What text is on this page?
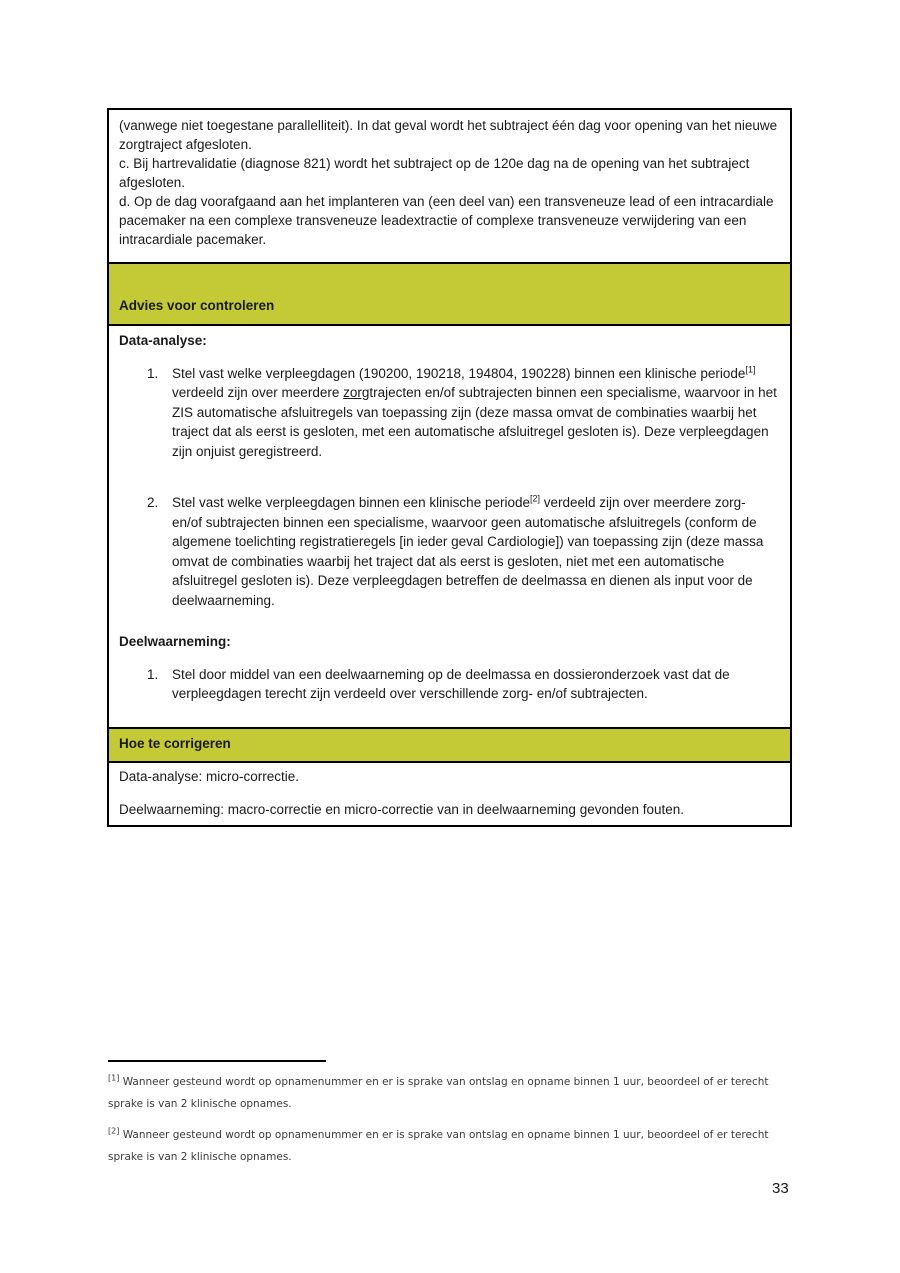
(vanwege niet toegestane parallelliteit). In dat geval wordt het subtraject één dag voor opening van het nieuwe zorgtraject afgesloten.

c. Bij hartrevalidatie (diagnose 821) wordt het subtraject op de 120e dag na de opening van het subtraject afgesloten.

d. Op de dag voorafgaand aan het implanteren van (een deel van) een transveneuze lead of een intracardiale pacemaker na een complexe transveneuze leadextractie of complexe transveneuze verwijdering van een intracardiale pacemaker.

Advies voor controleren

Data-analyse:

1.	Stel vast welke verpleegdagen (190200, 190218, 194804, 190228) binnen een klinische periode[1] verdeeld zijn over meerdere zorgtrajecten en/of subtrajecten binnen een specialisme, waarvoor in het ZIS automatische afsluitregels van toepassing zijn (deze massa omvat de combinaties waarbij het traject dat als eerst is gesloten, met een automatische afsluitregel gesloten is). Deze verpleegdagen zijn onjuist geregistreerd.
2.	Stel vast welke verpleegdagen binnen een klinische periode[2] verdeeld zijn over meerdere zorg- en/of subtrajecten binnen een specialisme, waarvoor geen automatische afsluitregels (conform de algemene toelichting registratieregels [in ieder geval Cardiologie]) van toepassing zijn (deze massa omvat de combinaties waarbij het traject dat als eerst is gesloten, niet met een automatische afsluitregel gesloten is). Deze verpleegdagen betreffen de deelmassa en dienen als input voor de deelwaarneming.

Deelwaarneming:

1.	Stel door middel van een deelwaarneming op de deelmassa en dossieronderzoek vast dat de verpleegdagen terecht zijn verdeeld over verschillende zorg- en/of subtrajecten.
Hoe te corrigeren

Data-analyse: micro-correctie.

Deelwaarneming: macro-correctie en micro-correctie van in deelwaarneming gevonden fouten.

[1] Wanneer gesteund wordt op opnamenummer en er is sprake van ontslag en opname binnen 1 uur, beoordeel of er terecht sprake is van 2 klinische opnames.

[2] Wanneer gesteund wordt op opnamenummer en er is sprake van ontslag en opname binnen 1 uur, beoordeel of er terecht sprake is van 2 klinische opnames.

33
